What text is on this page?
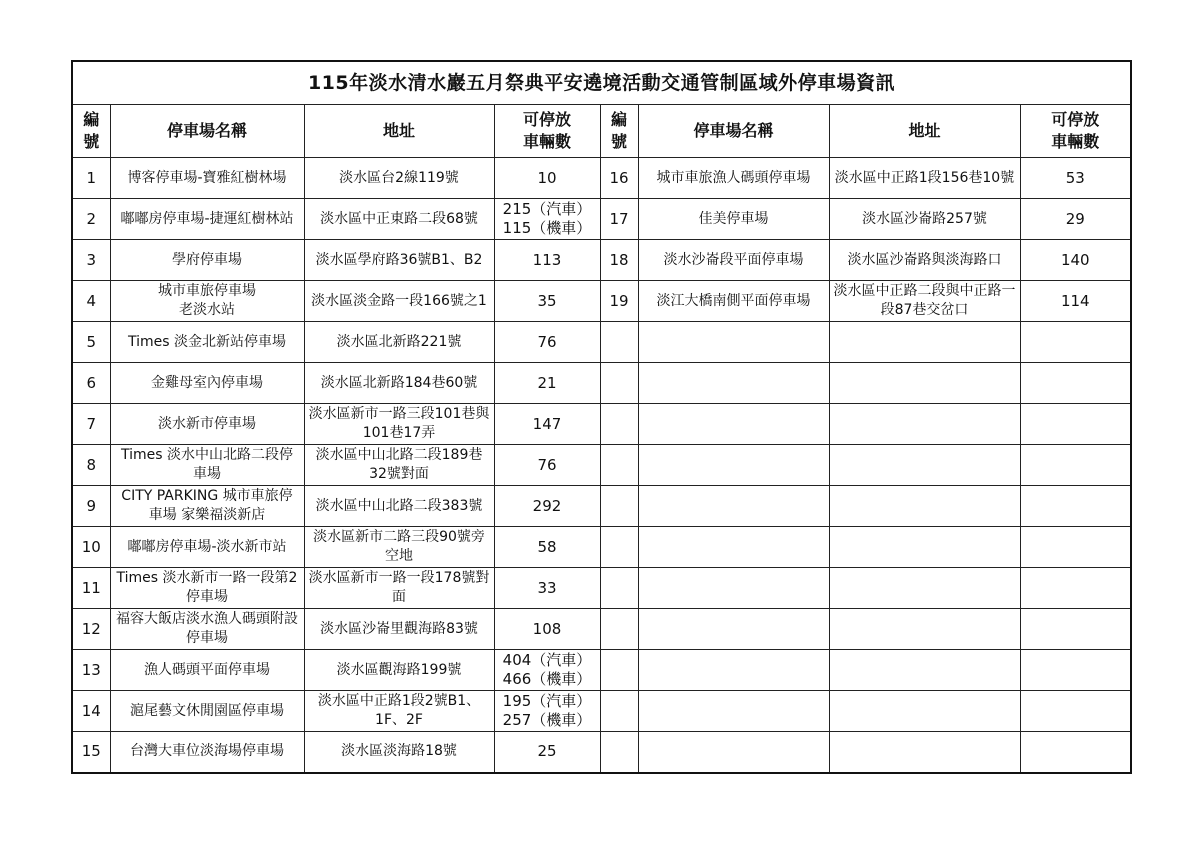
115年淡水清水巖五月祭典平安遶境活動交通管制區域外停車場資訊							
編
號	停車場名稱	地址	可停放
車輛數	編
號	停車場名稱	地址	可停放
車輛數
1	博客停車場-寶雅紅樹林場	淡水區台2線119號	10	16	城市車旅漁人碼頭停車場	淡水區中正路1段156巷10號	53

2	嘟嘟房停車場-捷運紅樹林站	淡水區中正東路二段68號	215（汽車）
115（機車）	17	佳美停車場	淡水區沙崙路257號	29

3	學府停車場	淡水區學府路36號B1、B2	113	18	淡水沙崙段平面停車場	淡水區沙崙路與淡海路口	140

4	城市車旅停車場
老淡水站	淡水區淡金路一段166號之1	35	19	淡江大橋南側平面停車場	淡水區中正路二段與中正路一段87巷交岔口	114

5	Times 淡金北新站停車場	淡水區北新路221號	76				

6	金雞母室內停車場	淡水區北新路184巷60號	21				

7	淡水新市停車場	淡水區新市一路三段101巷與101巷17弄	147				

8	Times 淡水中山北路二段停車場	淡水區中山北路二段189巷32號對面	76				

9	CITY PARKING 城市車旅停車場 家樂福淡新店	淡水區中山北路二段383號	292				

10	嘟嘟房停車場-淡水新市站	淡水區新市二路三段90號旁空地	58				

11	Times 淡水新市一路一段第2停車場	淡水區新市一路一段178號對面	33				

12	福容大飯店淡水漁人碼頭附設停車場	淡水區沙崙里觀海路83號	108				

13	漁人碼頭平面停車場	淡水區觀海路199號	404（汽車）
466（機車）				

14	滬尾藝文休閒園區停車場	淡水區中正路1段2號B1、1F、2F	195（汽車）
257（機車）				

15	台灣大車位淡海場停車場	淡水區淡海路18號	25				
